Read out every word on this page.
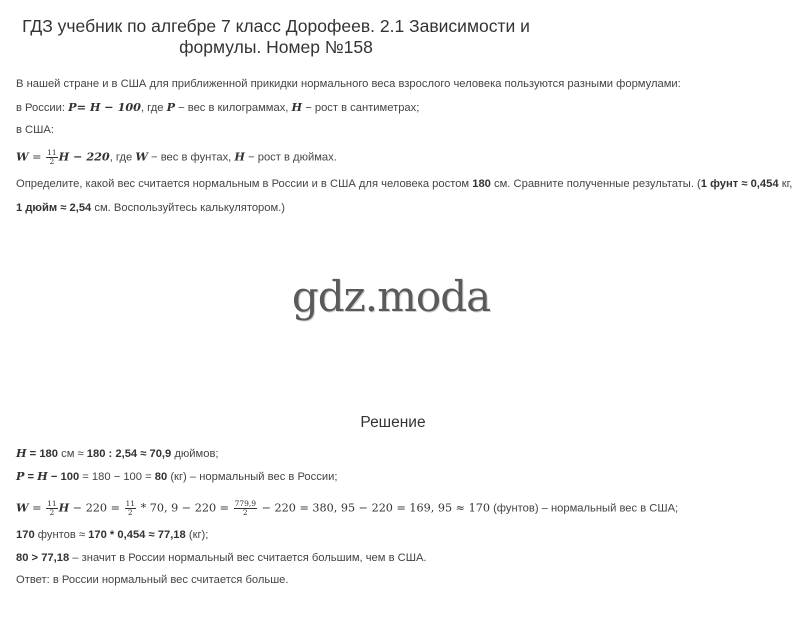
ГДЗ учебник по алгебре 7 класс Дорофеев. 2.1 Зависимости и
формулы. Номер №158
В нашей стране и в США для приближенной прикидки нормального веса взрослого человека пользуются разными формулами:
в России: P= H − 100, где P − вес в килограммах, H − рост в сантиметрах;
в США:
$W = \frac{11}{2}$ H − 220, где W − вес в фунтах, H − рост в дюймах.
Определите, какой вес считается нормальным в России и в США для человека ростом 180 см. Сравните полученные результаты. (1 фунт ≈ 0,454 кг,
1 дюйм ≈ 2,54 см. Воспользуйтесь калькулятором.)
gdz.moda
Решение
H = 180 см ≈ 180 : 2,54 ≈ 70,9 дюймов;
P = H − 100 = 180 − 100 = 80 (кг) – нормальный вес в России;
$W = \frac{11}{2}$ $H - 220 = \frac{11}{2} * 70$, $9 - 220 = \frac{779,9}{2} - 220 = 380$, 95 − 220 = 169, 95 ≈ 170 (фунтов) – нормальный вес в США;
170 фунтов ≈ 170 * 0,454 ≈ 77,18 (кг);
80 > 77,18 – значит в России нормальный вес считается большим, чем в США.
Ответ: в России нормальный вес считается больше.
